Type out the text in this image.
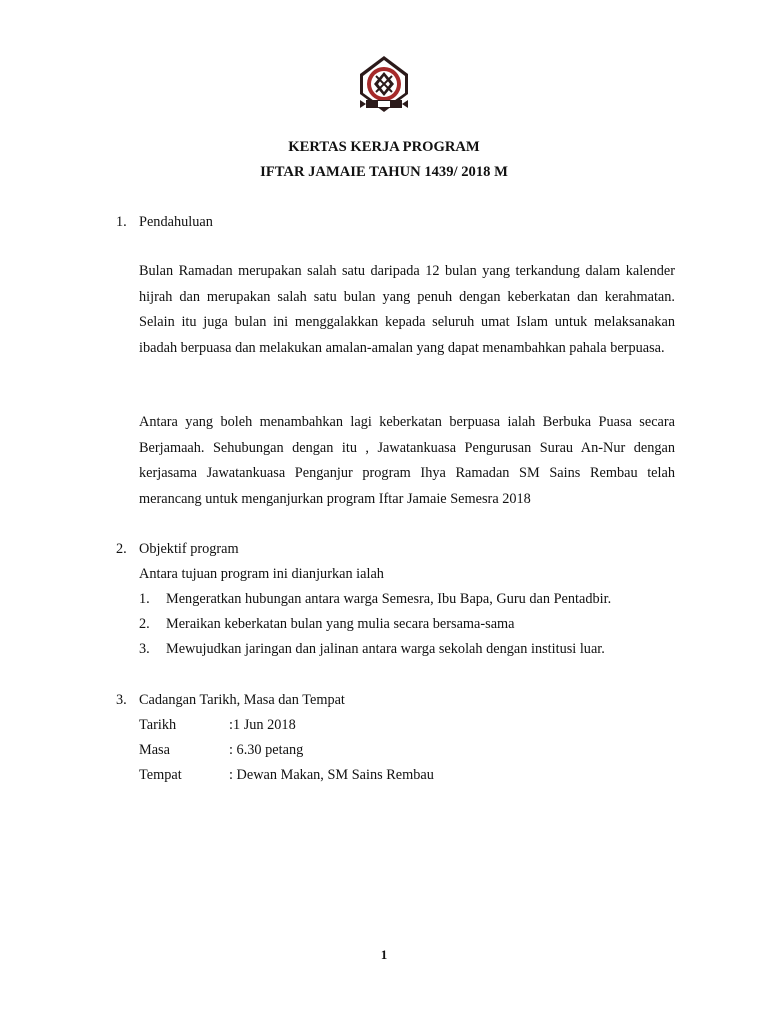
KERTAS KERJA PROGRAM
IFTAR JAMAIE TAHUN 1439/ 2018 M
1. Pendahuluan
Bulan Ramadan merupakan salah satu daripada 12 bulan yang terkandung dalam kalender hijrah dan merupakan salah satu bulan yang penuh dengan keberkatan dan kerahmatan. Selain itu juga bulan ini menggalakkan kepada seluruh umat Islam untuk melaksanakan ibadah berpuasa dan melakukan amalan-amalan yang dapat menambahkan pahala berpuasa.
Antara yang boleh menambahkan lagi keberkatan berpuasa ialah Berbuka Puasa secara Berjamaah. Sehubungan dengan itu , Jawatankuasa Pengurusan Surau An-Nur dengan kerjasama Jawatankuasa Penganjur program Ihya Ramadan SM Sains Rembau telah merancang untuk menganjurkan program Iftar Jamaie Semesra 2018
2. Objektif program
Antara tujuan program ini dianjurkan ialah
1. Mengeratkan hubungan antara warga Semesra, Ibu Bapa, Guru dan Pentadbir.
2. Meraikan keberkatan bulan yang mulia secara bersama-sama
3. Mewujudkan jaringan dan jalinan antara warga sekolah dengan institusi luar.
3. Cadangan Tarikh, Masa dan Tempat
Tarikh	:1 Jun 2018
Masa	: 6.30 petang
Tempat	: Dewan Makan, SM Sains Rembau
1
